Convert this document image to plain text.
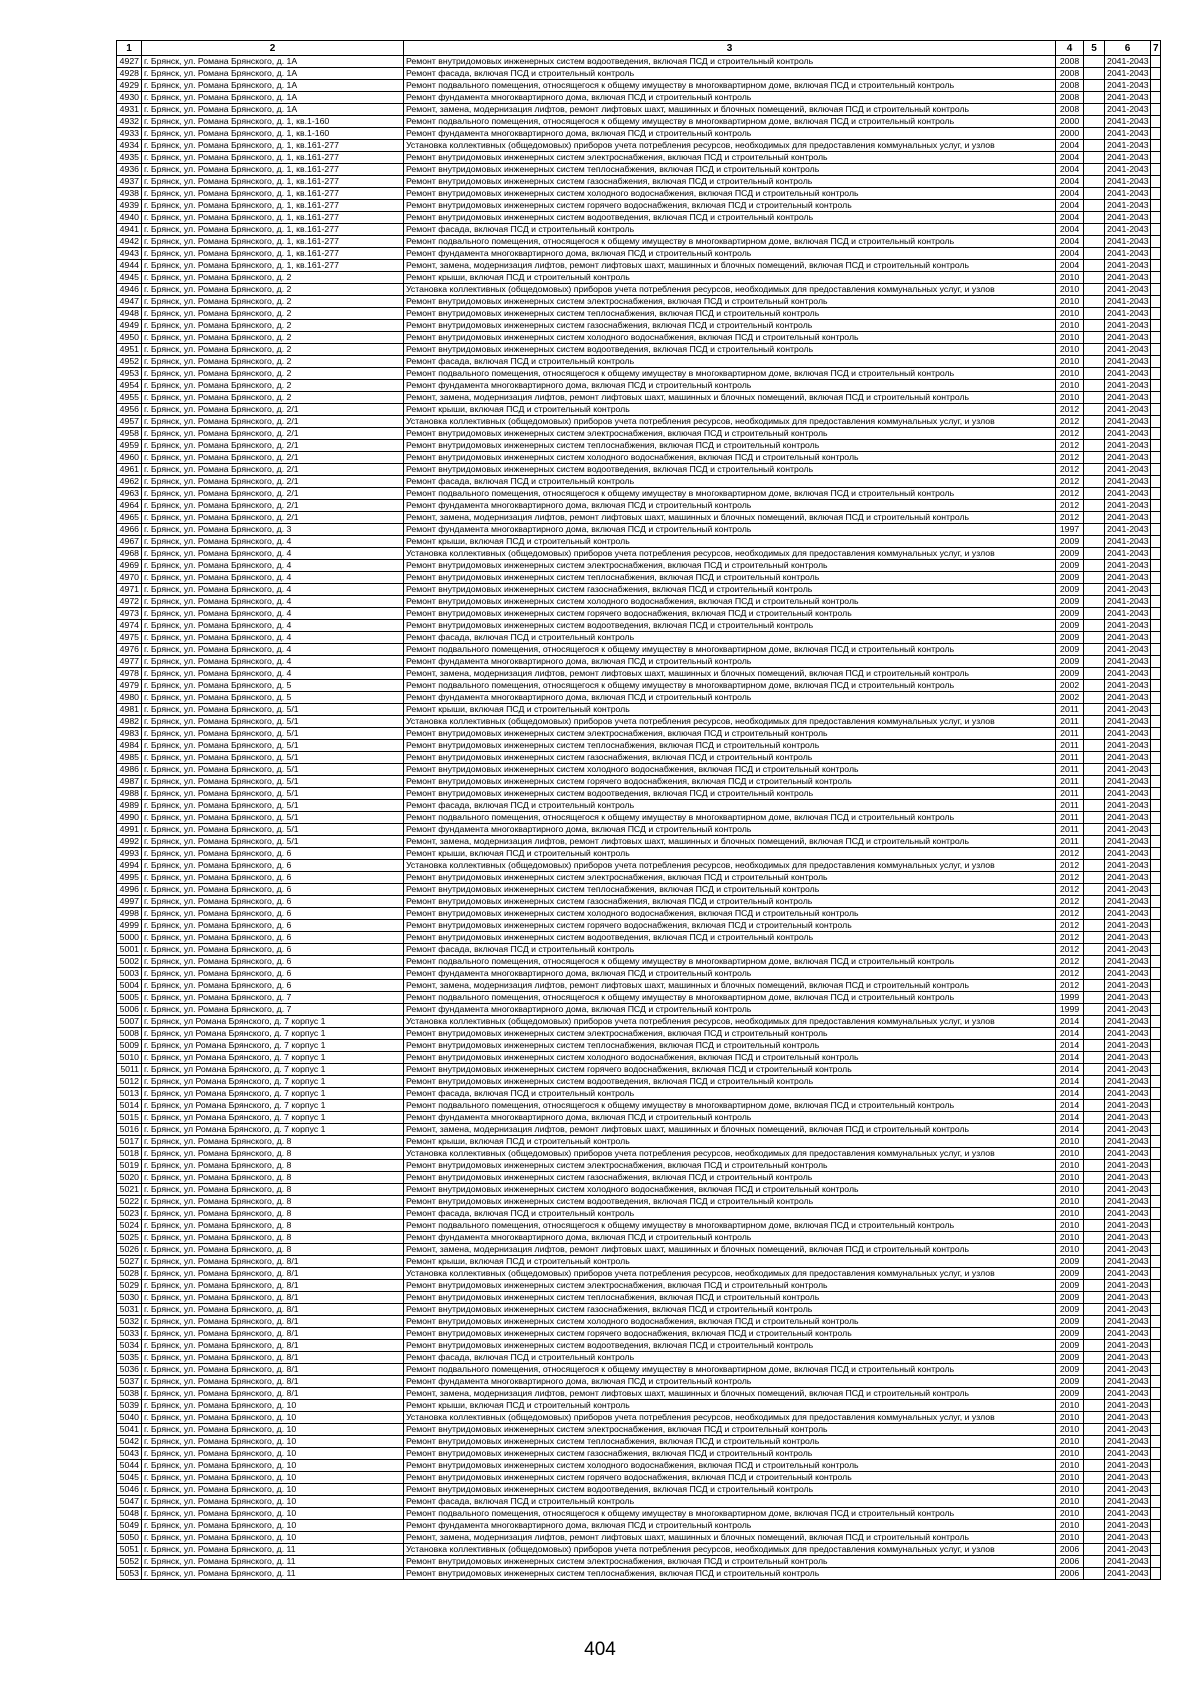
1	2	3	4	5	6	7
4927	г. Брянск, ул. Романа Брянского, д. 1А	Ремонт внутридомовых инженерных систем водоотведения, включая ПСД и строительный контроль	2008		2041-2043	
4928	г. Брянск, ул. Романа Брянского, д. 1А	Ремонт фасада, включая ПСД и строительный контроль	2008		2041-2043	
4929	г. Брянск, ул. Романа Брянского, д. 1А	Ремонт подвального помещения, относящегося к общему имуществу в многоквартирном доме, включая ПСД и строительный контроль	2008		2041-2043	
4930	г. Брянск, ул. Романа Брянского, д. 1А	Ремонт фундамента многоквартирного дома, включая ПСД и строительный контроль	2008		2041-2043	
4931	г. Брянск, ул. Романа Брянского, д. 1А	Ремонт, замена, модернизация лифтов, ремонт лифтовых шахт, машинных и блочных помещений, включая ПСД и строительный контроль	2008		2041-2043	
4932	г. Брянск, ул. Романа Брянского, д. 1, кв.1-160	Ремонт подвального помещения, относящегося к общему имуществу в многоквартирном доме, включая ПСД и строительный контроль	2000		2041-2043	
4933	г. Брянск, ул. Романа Брянского, д. 1, кв.1-160	Ремонт фундамента многоквартирного дома, включая ПСД и строительный контроль	2000		2041-2043	
4934	г. Брянск, ул. Романа Брянского, д. 1, кв.161-277	Установка коллективных (общедомовых) приборов учета потребления ресурсов, необходимых для предоставления коммунальных услуг, и узлов	2004		2041-2043	
4935	г. Брянск, ул. Романа Брянского, д. 1, кв.161-277	Ремонт внутридомовых инженерных систем электроснабжения, включая ПСД и строительный контроль	2004		2041-2043	
4936	г. Брянск, ул. Романа Брянского, д. 1, кв.161-277	Ремонт внутридомовых инженерных систем теплоснабжения, включая ПСД и строительный контроль	2004		2041-2043	
4937	г. Брянск, ул. Романа Брянского, д. 1, кв.161-277	Ремонт внутридомовых инженерных систем газоснабжения, включая ПСД и строительный контроль	2004		2041-2043	
4938	г. Брянск, ул. Романа Брянского, д. 1, кв.161-277	Ремонт внутридомовых инженерных систем холодного водоснабжения, включая ПСД и строительный контроль	2004		2041-2043	
4939	г. Брянск, ул. Романа Брянского, д. 1, кв.161-277	Ремонт внутридомовых инженерных систем горячего водоснабжения, включая ПСД и строительный контроль	2004		2041-2043	
4940	г. Брянск, ул. Романа Брянского, д. 1, кв.161-277	Ремонт внутридомовых инженерных систем водоотведения, включая ПСД и строительный контроль	2004		2041-2043	
4941	г. Брянск, ул. Романа Брянского, д. 1, кв.161-277	Ремонт фасада, включая ПСД и строительный контроль	2004		2041-2043	
4942	г. Брянск, ул. Романа Брянского, д. 1, кв.161-277	Ремонт подвального помещения, относящегося к общему имуществу в многоквартирном доме, включая ПСД и строительный контроль	2004		2041-2043	
4943	г. Брянск, ул. Романа Брянского, д. 1, кв.161-277	Ремонт фундамента многоквартирного дома, включая ПСД и строительный контроль	2004		2041-2043	
4944	г. Брянск, ул. Романа Брянского, д. 1, кв.161-277	Ремонт, замена, модернизация лифтов, ремонт лифтовых шахт, машинных и блочных помещений, включая ПСД и строительный контроль	2004		2041-2043	
4945	г. Брянск, ул. Романа Брянского, д. 2	Ремонт крыши, включая ПСД и строительный контроль	2010		2041-2043	
4946	г. Брянск, ул. Романа Брянского, д. 2	Установка коллективных (общедомовых) приборов учета потребления ресурсов, необходимых для предоставления коммунальных услуг, и узлов	2010		2041-2043	
4947	г. Брянск, ул. Романа Брянского, д. 2	Ремонт внутридомовых инженерных систем электроснабжения, включая ПСД и строительный контроль	2010		2041-2043	
4948	г. Брянск, ул. Романа Брянского, д. 2	Ремонт внутридомовых инженерных систем теплоснабжения, включая ПСД и строительный контроль	2010		2041-2043	
4949	г. Брянск, ул. Романа Брянского, д. 2	Ремонт внутридомовых инженерных систем газоснабжения, включая ПСД и строительный контроль	2010		2041-2043	
4950	г. Брянск, ул. Романа Брянского, д. 2	Ремонт внутридомовых инженерных систем холодного водоснабжения, включая ПСД и строительный контроль	2010		2041-2043	
4951	г. Брянск, ул. Романа Брянского, д. 2	Ремонт внутридомовых инженерных систем водоотведения, включая ПСД и строительный контроль	2010		2041-2043	
4952	г. Брянск, ул. Романа Брянского, д. 2	Ремонт фасада, включая ПСД и строительный контроль	2010		2041-2043	
4953	г. Брянск, ул. Романа Брянского, д. 2	Ремонт подвального помещения, относящегося к общему имуществу в многоквартирном доме, включая ПСД и строительный контроль	2010		2041-2043	
4954	г. Брянск, ул. Романа Брянского, д. 2	Ремонт фундамента многоквартирного дома, включая ПСД и строительный контроль	2010		2041-2043	
4955	г. Брянск, ул. Романа Брянского, д. 2	Ремонт, замена, модернизация лифтов, ремонт лифтовых шахт, машинных и блочных помещений, включая ПСД и строительный контроль	2010		2041-2043	
4956	г. Брянск, ул. Романа Брянского, д. 2/1	Ремонт крыши, включая ПСД и строительный контроль	2012		2041-2043	
4957	г. Брянск, ул. Романа Брянского, д. 2/1	Установка коллективных (общедомовых) приборов учета потребления ресурсов, необходимых для предоставления коммунальных услуг, и узлов	2012		2041-2043	
4958	г. Брянск, ул. Романа Брянского, д. 2/1	Ремонт внутридомовых инженерных систем электроснабжения, включая ПСД и строительный контроль	2012		2041-2043	
4959	г. Брянск, ул. Романа Брянского, д. 2/1	Ремонт внутридомовых инженерных систем теплоснабжения, включая ПСД и строительный контроль	2012		2041-2043	
4960	г. Брянск, ул. Романа Брянского, д. 2/1	Ремонт внутридомовых инженерных систем холодного водоснабжения, включая ПСД и строительный контроль	2012		2041-2043	
4961	г. Брянск, ул. Романа Брянского, д. 2/1	Ремонт внутридомовых инженерных систем водоотведения, включая ПСД и строительный контроль	2012		2041-2043	
4962	г. Брянск, ул. Романа Брянского, д. 2/1	Ремонт фасада, включая ПСД и строительный контроль	2012		2041-2043	
4963	г. Брянск, ул. Романа Брянского, д. 2/1	Ремонт подвального помещения, относящегося к общему имуществу в многоквартирном доме, включая ПСД и строительный контроль	2012		2041-2043	
4964	г. Брянск, ул. Романа Брянского, д. 2/1	Ремонт фундамента многоквартирного дома, включая ПСД и строительный контроль	2012		2041-2043	
4965	г. Брянск, ул. Романа Брянского, д. 2/1	Ремонт, замена, модернизация лифтов, ремонт лифтовых шахт, машинных и блочных помещений, включая ПСД и строительный контроль	2012		2041-2043	
4966	г. Брянск, ул. Романа Брянского, д. 3	Ремонт фундамента многоквартирного дома, включая ПСД и строительный контроль	1997		2041-2043	
4967	г. Брянск, ул. Романа Брянского, д. 4	Ремонт крыши, включая ПСД и строительный контроль	2009		2041-2043	
4968	г. Брянск, ул. Романа Брянского, д. 4	Установка коллективных (общедомовых) приборов учета потребления ресурсов, необходимых для предоставления коммунальных услуг, и узлов	2009		2041-2043	
4969	г. Брянск, ул. Романа Брянского, д. 4	Ремонт внутридомовых инженерных систем электроснабжения, включая ПСД и строительный контроль	2009		2041-2043	
4970	г. Брянск, ул. Романа Брянского, д. 4	Ремонт внутридомовых инженерных систем теплоснабжения, включая ПСД и строительный контроль	2009		2041-2043	
4971	г. Брянск, ул. Романа Брянского, д. 4	Ремонт внутридомовых инженерных систем газоснабжения, включая ПСД и строительный контроль	2009		2041-2043	
4972	г. Брянск, ул. Романа Брянского, д. 4	Ремонт внутридомовых инженерных систем холодного водоснабжения, включая ПСД и строительный контроль	2009		2041-2043	
4973	г. Брянск, ул. Романа Брянского, д. 4	Ремонт внутридомовых инженерных систем горячего водоснабжения, включая ПСД и строительный контроль	2009		2041-2043	
4974	г. Брянск, ул. Романа Брянского, д. 4	Ремонт внутридомовых инженерных систем водоотведения, включая ПСД и строительный контроль	2009		2041-2043	
4975	г. Брянск, ул. Романа Брянского, д. 4	Ремонт фасада, включая ПСД и строительный контроль	2009		2041-2043	
4976	г. Брянск, ул. Романа Брянского, д. 4	Ремонт подвального помещения, относящегося к общему имуществу в многоквартирном доме, включая ПСД и строительный контроль	2009		2041-2043	
4977	г. Брянск, ул. Романа Брянского, д. 4	Ремонт фундамента многоквартирного дома, включая ПСД и строительный контроль	2009		2041-2043	
4978	г. Брянск, ул. Романа Брянского, д. 4	Ремонт, замена, модернизация лифтов, ремонт лифтовых шахт, машинных и блочных помещений, включая ПСД и строительный контроль	2009		2041-2043	
4979	г. Брянск, ул. Романа Брянского, д. 5	Ремонт подвального помещения, относящегося к общему имуществу в многоквартирном доме, включая ПСД и строительный контроль	2002		2041-2043	
4980	г. Брянск, ул. Романа Брянского, д. 5	Ремонт фундамента многоквартирного дома, включая ПСД и строительный контроль	2002		2041-2043	
4981	г. Брянск, ул. Романа Брянского, д. 5/1	Ремонт крыши, включая ПСД и строительный контроль	2011		2041-2043	
4982	г. Брянск, ул. Романа Брянского, д. 5/1	Установка коллективных (общедомовых) приборов учета потребления ресурсов, необходимых для предоставления коммунальных услуг, и узлов	2011		2041-2043	
4983	г. Брянск, ул. Романа Брянского, д. 5/1	Ремонт внутридомовых инженерных систем электроснабжения, включая ПСД и строительный контроль	2011		2041-2043	
4984	г. Брянск, ул. Романа Брянского, д. 5/1	Ремонт внутридомовых инженерных систем теплоснабжения, включая ПСД и строительный контроль	2011		2041-2043	
4985	г. Брянск, ул. Романа Брянского, д. 5/1	Ремонт внутридомовых инженерных систем газоснабжения, включая ПСД и строительный контроль	2011		2041-2043	
4986	г. Брянск, ул. Романа Брянского, д. 5/1	Ремонт внутридомовых инженерных систем холодного водоснабжения, включая ПСД и строительный контроль	2011		2041-2043	
4987	г. Брянск, ул. Романа Брянского, д. 5/1	Ремонт внутридомовых инженерных систем горячего водоснабжения, включая ПСД и строительный контроль	2011		2041-2043	
4988	г. Брянск, ул. Романа Брянского, д. 5/1	Ремонт внутридомовых инженерных систем водоотведения, включая ПСД и строительный контроль	2011		2041-2043	
4989	г. Брянск, ул. Романа Брянского, д. 5/1	Ремонт фасада, включая ПСД и строительный контроль	2011		2041-2043	
4990	г. Брянск, ул. Романа Брянского, д. 5/1	Ремонт подвального помещения, относящегося к общему имуществу в многоквартирном доме, включая ПСД и строительный контроль	2011		2041-2043	
4991	г. Брянск, ул. Романа Брянского, д. 5/1	Ремонт фундамента многоквартирного дома, включая ПСД и строительный контроль	2011		2041-2043	
4992	г. Брянск, ул. Романа Брянского, д. 5/1	Ремонт, замена, модернизация лифтов, ремонт лифтовых шахт, машинных и блочных помещений, включая ПСД и строительный контроль	2011		2041-2043	
4993	г. Брянск, ул. Романа Брянского, д. 6	Ремонт крыши, включая ПСД и строительный контроль	2012		2041-2043	
4994	г. Брянск, ул. Романа Брянского, д. 6	Установка коллективных (общедомовых) приборов учета потребления ресурсов, необходимых для предоставления коммунальных услуг, и узлов	2012		2041-2043	
4995	г. Брянск, ул. Романа Брянского, д. 6	Ремонт внутридомовых инженерных систем электроснабжения, включая ПСД и строительный контроль	2012		2041-2043	
4996	г. Брянск, ул. Романа Брянского, д. 6	Ремонт внутридомовых инженерных систем теплоснабжения, включая ПСД и строительный контроль	2012		2041-2043	
4997	г. Брянск, ул. Романа Брянского, д. 6	Ремонт внутридомовых инженерных систем газоснабжения, включая ПСД и строительный контроль	2012		2041-2043	
4998	г. Брянск, ул. Романа Брянского, д. 6	Ремонт внутридомовых инженерных систем холодного водоснабжения, включая ПСД и строительный контроль	2012		2041-2043	
4999	г. Брянск, ул. Романа Брянского, д. 6	Ремонт внутридомовых инженерных систем горячего водоснабжения, включая ПСД и строительный контроль	2012		2041-2043	
5000	г. Брянск, ул. Романа Брянского, д. 6	Ремонт внутридомовых инженерных систем водоотведения, включая ПСД и строительный контроль	2012		2041-2043	
5001	г. Брянск, ул. Романа Брянского, д. 6	Ремонт фасада, включая ПСД и строительный контроль	2012		2041-2043	
5002	г. Брянск, ул. Романа Брянского, д. 6	Ремонт подвального помещения, относящегося к общему имуществу в многоквартирном доме, включая ПСД и строительный контроль	2012		2041-2043	
5003	г. Брянск, ул. Романа Брянского, д. 6	Ремонт фундамента многоквартирного дома, включая ПСД и строительный контроль	2012		2041-2043	
5004	г. Брянск, ул. Романа Брянского, д. 6	Ремонт, замена, модернизация лифтов, ремонт лифтовых шахт, машинных и блочных помещений, включая ПСД и строительный контроль	2012		2041-2043	
5005	г. Брянск, ул. Романа Брянского, д. 7	Ремонт подвального помещения, относящегося к общему имуществу в многоквартирном доме, включая ПСД и строительный контроль	1999		2041-2043	
5006	г. Брянск, ул. Романа Брянского, д. 7	Ремонт фундамента многоквартирного дома, включая ПСД и строительный контроль	1999		2041-2043	
5007	г. Брянск, ул Романа Брянского, д. 7 корпус 1	Установка коллективных (общедомовых) приборов учета потребления ресурсов, необходимых для предоставления коммунальных услуг, и узлов	2014		2041-2043	
5008	г. Брянск, ул Романа Брянского, д. 7 корпус 1	Ремонт внутридомовых инженерных систем электроснабжения, включая ПСД и строительный контроль	2014		2041-2043	
5009	г. Брянск, ул Романа Брянского, д. 7 корпус 1	Ремонт внутридомовых инженерных систем теплоснабжения, включая ПСД и строительный контроль	2014		2041-2043	
5010	г. Брянск, ул Романа Брянского, д. 7 корпус 1	Ремонт внутридомовых инженерных систем холодного водоснабжения, включая ПСД и строительный контроль	2014		2041-2043	
5011	г. Брянск, ул Романа Брянского, д. 7 корпус 1	Ремонт внутридомовых инженерных систем горячего водоснабжения, включая ПСД и строительный контроль	2014		2041-2043	
5012	г. Брянск, ул Романа Брянского, д. 7 корпус 1	Ремонт внутридомовых инженерных систем водоотведения, включая ПСД и строительный контроль	2014		2041-2043	
5013	г. Брянск, ул Романа Брянского, д. 7 корпус 1	Ремонт фасада, включая ПСД и строительный контроль	2014		2041-2043	
5014	г. Брянск, ул Романа Брянского, д. 7 корпус 1	Ремонт подвального помещения, относящегося к общему имуществу в многоквартирном доме, включая ПСД и строительный контроль	2014		2041-2043	
5015	г. Брянск, ул Романа Брянского, д. 7 корпус 1	Ремонт фундамента многоквартирного дома, включая ПСД и строительный контроль	2014		2041-2043	
5016	г. Брянск, ул Романа Брянского, д. 7 корпус 1	Ремонт, замена, модернизация лифтов, ремонт лифтовых шахт, машинных и блочных помещений, включая ПСД и строительный контроль	2014		2041-2043	
5017	г. Брянск, ул. Романа Брянского, д. 8	Ремонт крыши, включая ПСД и строительный контроль	2010		2041-2043	
5018	г. Брянск, ул. Романа Брянского, д. 8	Установка коллективных (общедомовых) приборов учета потребления ресурсов, необходимых для предоставления коммунальных услуг, и узлов	2010		2041-2043	
5019	г. Брянск, ул. Романа Брянского, д. 8	Ремонт внутридомовых инженерных систем электроснабжения, включая ПСД и строительный контроль	2010		2041-2043	
5020	г. Брянск, ул. Романа Брянского, д. 8	Ремонт внутридомовых инженерных систем газоснабжения, включая ПСД и строительный контроль	2010		2041-2043	
5021	г. Брянск, ул. Романа Брянского, д. 8	Ремонт внутридомовых инженерных систем холодного водоснабжения, включая ПСД и строительный контроль	2010		2041-2043	
5022	г. Брянск, ул. Романа Брянского, д. 8	Ремонт внутридомовых инженерных систем водоотведения, включая ПСД и строительный контроль	2010		2041-2043	
5023	г. Брянск, ул. Романа Брянского, д. 8	Ремонт фасада, включая ПСД и строительный контроль	2010		2041-2043	
5024	г. Брянск, ул. Романа Брянского, д. 8	Ремонт подвального помещения, относящегося к общему имуществу в многоквартирном доме, включая ПСД и строительный контроль	2010		2041-2043	
5025	г. Брянск, ул. Романа Брянского, д. 8	Ремонт фундамента многоквартирного дома, включая ПСД и строительный контроль	2010		2041-2043	
5026	г. Брянск, ул. Романа Брянского, д. 8	Ремонт, замена, модернизация лифтов, ремонт лифтовых шахт, машинных и блочных помещений, включая ПСД и строительный контроль	2010		2041-2043	
5027	г. Брянск, ул. Романа Брянского, д. 8/1	Ремонт крыши, включая ПСД и строительный контроль	2009		2041-2043	
5028	г. Брянск, ул. Романа Брянского, д. 8/1	Установка коллективных (общедомовых) приборов учета потребления ресурсов, необходимых для предоставления коммунальных услуг, и узлов	2009		2041-2043	
5029	г. Брянск, ул. Романа Брянского, д. 8/1	Ремонт внутридомовых инженерных систем электроснабжения, включая ПСД и строительный контроль	2009		2041-2043	
5030	г. Брянск, ул. Романа Брянского, д. 8/1	Ремонт внутридомовых инженерных систем теплоснабжения, включая ПСД и строительный контроль	2009		2041-2043	
5031	г. Брянск, ул. Романа Брянского, д. 8/1	Ремонт внутридомовых инженерных систем газоснабжения, включая ПСД и строительный контроль	2009		2041-2043	
5032	г. Брянск, ул. Романа Брянского, д. 8/1	Ремонт внутридомовых инженерных систем холодного водоснабжения, включая ПСД и строительный контроль	2009		2041-2043	
5033	г. Брянск, ул. Романа Брянского, д. 8/1	Ремонт внутридомовых инженерных систем горячего водоснабжения, включая ПСД и строительный контроль	2009		2041-2043	
5034	г. Брянск, ул. Романа Брянского, д. 8/1	Ремонт внутридомовых инженерных систем водоотведения, включая ПСД и строительный контроль	2009		2041-2043	
5035	г. Брянск, ул. Романа Брянского, д. 8/1	Ремонт фасада, включая ПСД и строительный контроль	2009		2041-2043	
5036	г. Брянск, ул. Романа Брянского, д. 8/1	Ремонт подвального помещения, относящегося к общему имуществу в многоквартирном доме, включая ПСД и строительный контроль	2009		2041-2043	
5037	г. Брянск, ул. Романа Брянского, д. 8/1	Ремонт фундамента многоквартирного дома, включая ПСД и строительный контроль	2009		2041-2043	
5038	г. Брянск, ул. Романа Брянского, д. 8/1	Ремонт, замена, модернизация лифтов, ремонт лифтовых шахт, машинных и блочных помещений, включая ПСД и строительный контроль	2009		2041-2043	
5039	г. Брянск, ул. Романа Брянского, д. 10	Ремонт крыши, включая ПСД и строительный контроль	2010		2041-2043	
5040	г. Брянск, ул. Романа Брянского, д. 10	Установка коллективных (общедомовых) приборов учета потребления ресурсов, необходимых для предоставления коммунальных услуг, и узлов	2010		2041-2043	
5041	г. Брянск, ул. Романа Брянского, д. 10	Ремонт внутридомовых инженерных систем электроснабжения, включая ПСД и строительный контроль	2010		2041-2043	
5042	г. Брянск, ул. Романа Брянского, д. 10	Ремонт внутридомовых инженерных систем теплоснабжения, включая ПСД и строительный контроль	2010		2041-2043	
5043	г. Брянск, ул. Романа Брянского, д. 10	Ремонт внутридомовых инженерных систем газоснабжения, включая ПСД и строительный контроль	2010		2041-2043	
5044	г. Брянск, ул. Романа Брянского, д. 10	Ремонт внутридомовых инженерных систем холодного водоснабжения, включая ПСД и строительный контроль	2010		2041-2043	
5045	г. Брянск, ул. Романа Брянского, д. 10	Ремонт внутридомовых инженерных систем горячего водоснабжения, включая ПСД и строительный контроль	2010		2041-2043	
5046	г. Брянск, ул. Романа Брянского, д. 10	Ремонт внутридомовых инженерных систем водоотведения, включая ПСД и строительный контроль	2010		2041-2043	
5047	г. Брянск, ул. Романа Брянского, д. 10	Ремонт фасада, включая ПСД и строительный контроль	2010		2041-2043	
5048	г. Брянск, ул. Романа Брянского, д. 10	Ремонт подвального помещения, относящегося к общему имуществу в многоквартирном доме, включая ПСД и строительный контроль	2010		2041-2043	
5049	г. Брянск, ул. Романа Брянского, д. 10	Ремонт фундамента многоквартирного дома, включая ПСД и строительный контроль	2010		2041-2043	
5050	г. Брянск, ул. Романа Брянского, д. 10	Ремонт, замена, модернизация лифтов, ремонт лифтовых шахт, машинных и блочных помещений, включая ПСД и строительный контроль	2010		2041-2043	
5051	г. Брянск, ул. Романа Брянского, д. 11	Установка коллективных (общедомовых) приборов учета потребления ресурсов, необходимых для предоставления коммунальных услуг, и узлов	2006		2041-2043	
5052	г. Брянск, ул. Романа Брянского, д. 11	Ремонт внутридомовых инженерных систем электроснабжения, включая ПСД и строительный контроль	2006		2041-2043	
5053	г. Брянск, ул. Романа Брянского, д. 11	Ремонт внутридомовых инженерных систем теплоснабжения, включая ПСД и строительный контроль	2006		2041-2043	
404
